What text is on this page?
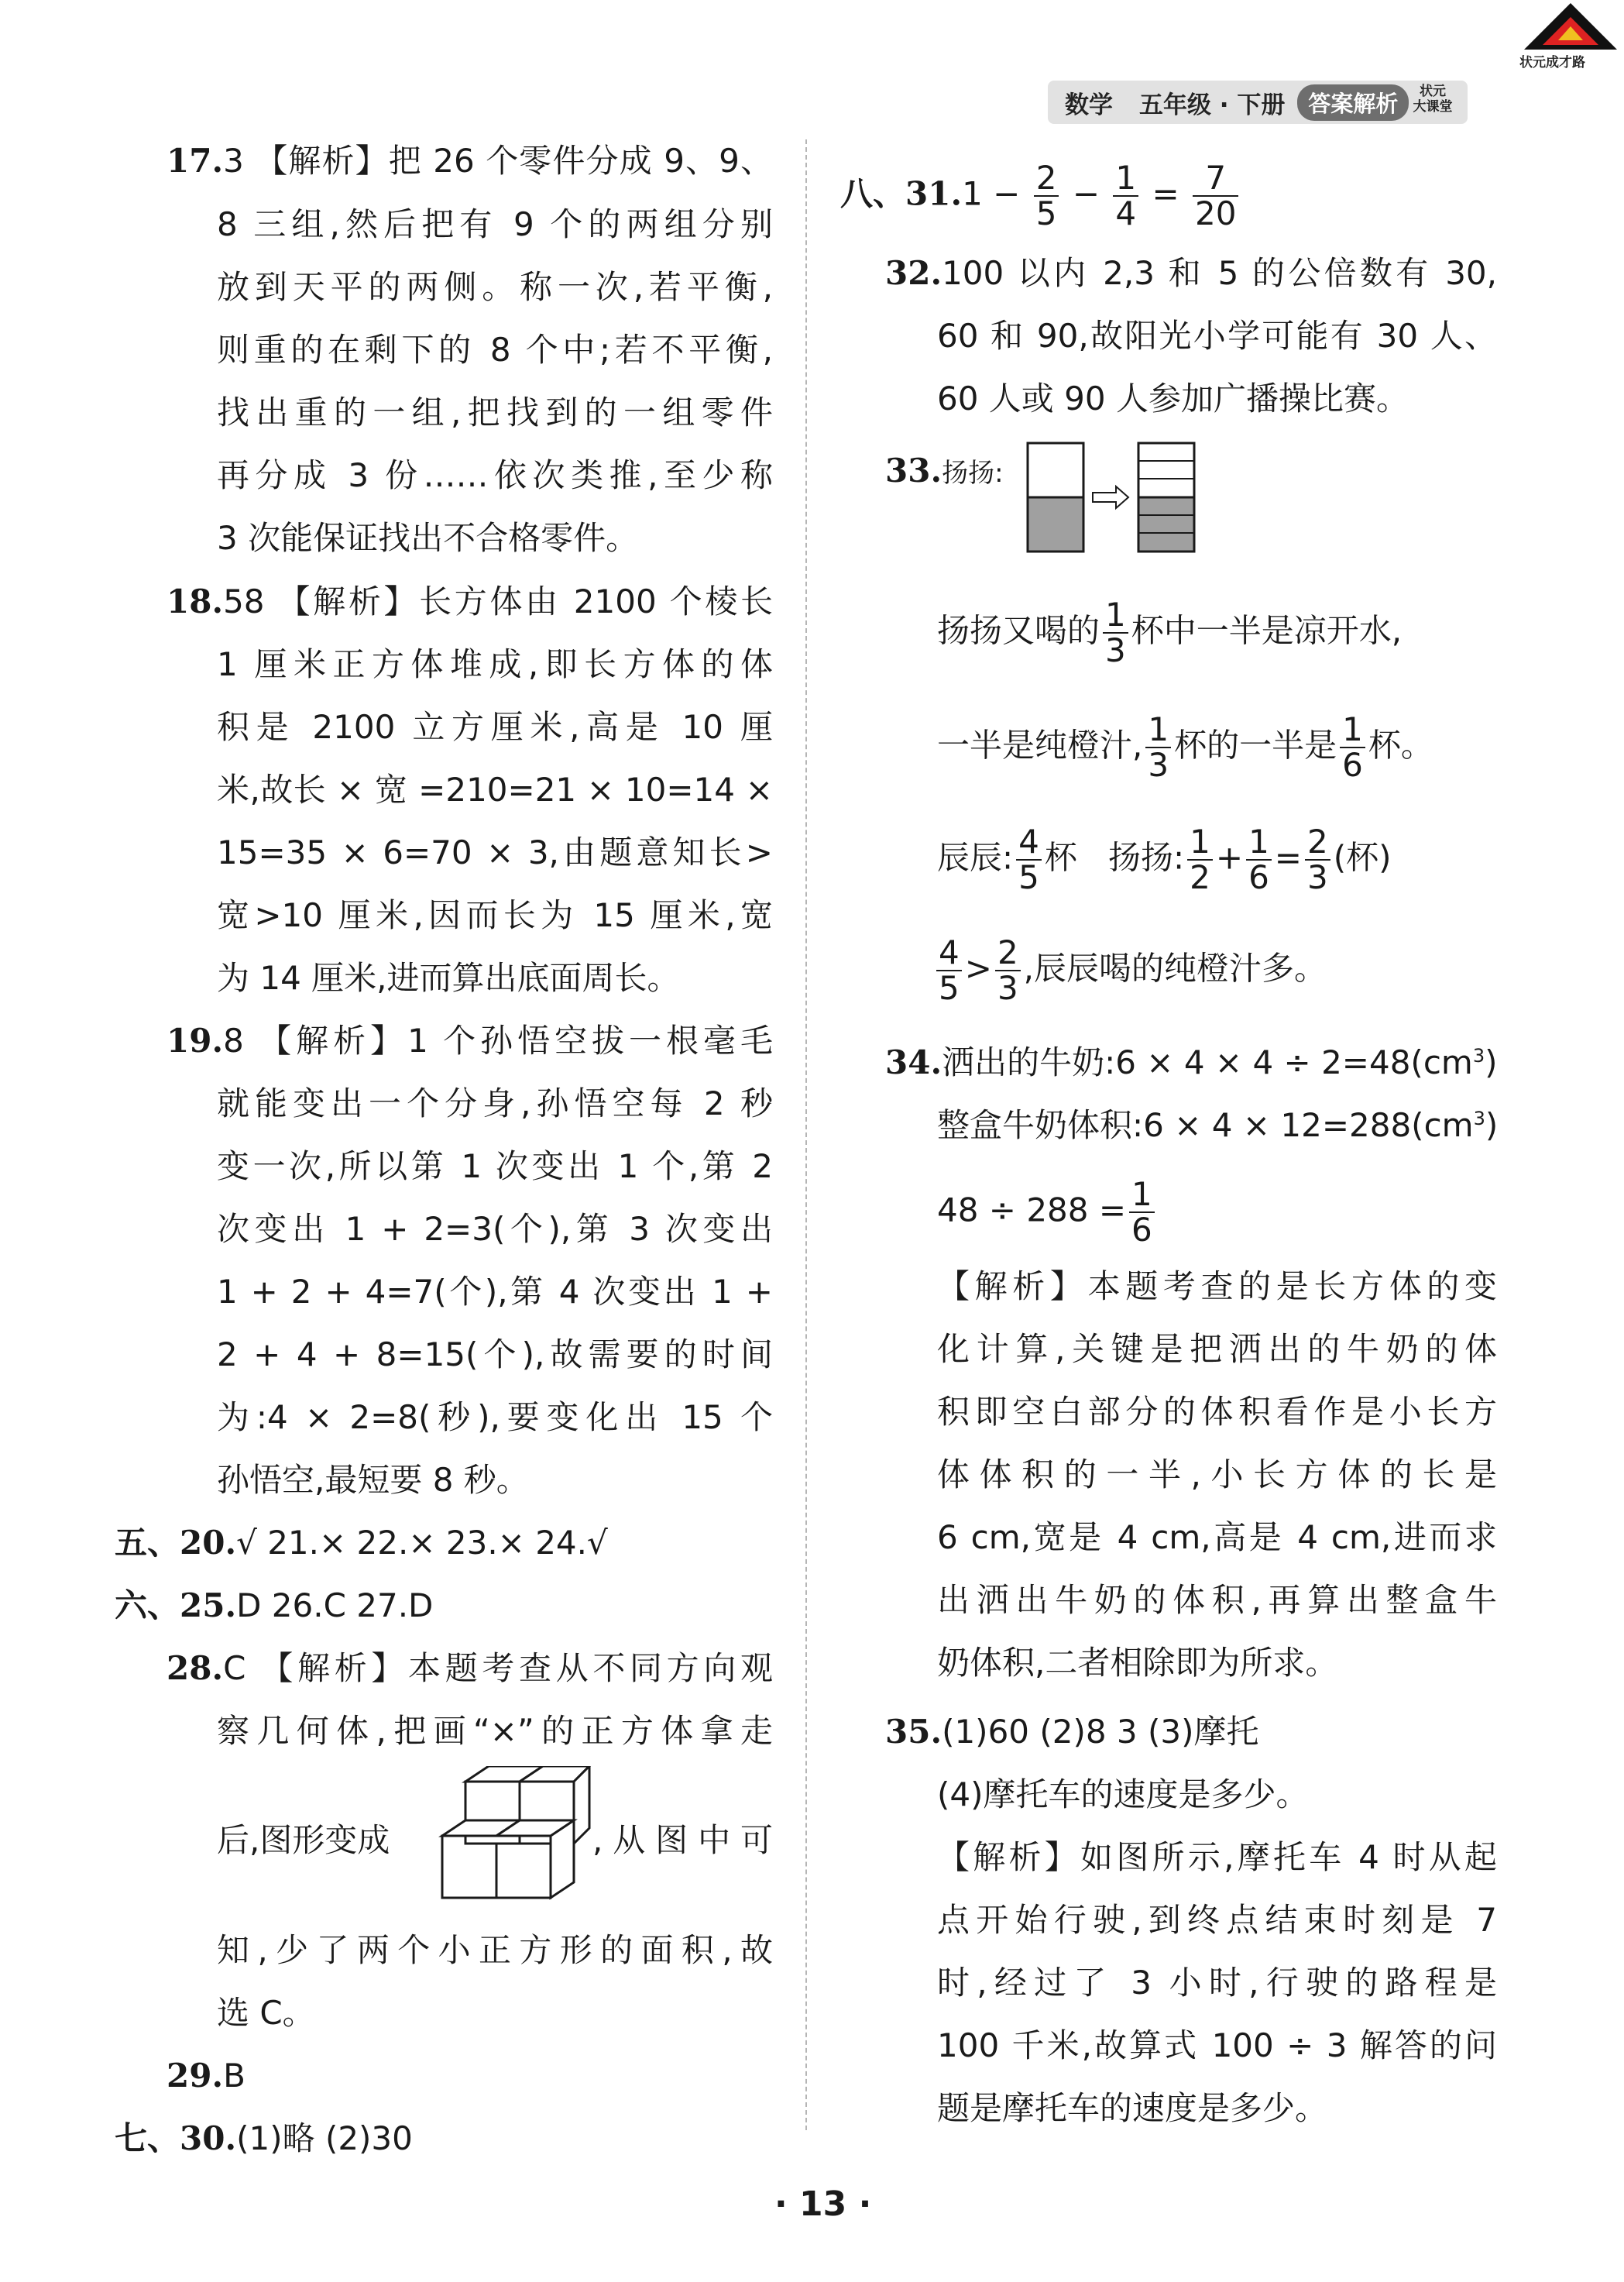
数学 五年级 · 下册	答案解析	状元
大课堂
状元成才路
17.3 【解析】把 26 个零件分成 9、9、
8 三组,然后把有 9 个的两组分别
放到天平的两侧。称一次,若平衡,
则重的在剩下的 8 个中;若不平衡,
找出重的一组,把找到的一组零件
再分成 3 份……依次类推,至少称
3 次能保证找出不合格零件。
18.58 【解析】长方体由 2100 个棱长
1 厘米正方体堆成,即长方体的体
积是 2100 立方厘米,高是 10 厘
米,故长 × 宽 =210=21 × 10=14 ×
15=35 × 6=70 × 3,由题意知长>
宽>10 厘米,因而长为 15 厘米,宽
为 14 厘米,进而算出底面周长。
19.8 【解析】1 个孙悟空拔一根毫毛
就能变出一个分身,孙悟空每 2 秒
变一次,所以第 1 次变出 1 个,第 2
次变出 1 + 2=3(个),第 3 次变出
1 + 2 + 4=7(个),第 4 次变出 1 +
2 + 4 + 8=15(个),故需要的时间
为:4 × 2=8(秒),要变化出 15 个
孙悟空,最短要 8 秒。
五、20.√ 21.× 22.× 23.× 24.√
六、25.D 26.C 27.D
28.C 【解析】本题考查从不同方向观
察几何体,把画“×”的正方体拿走
后,图形变成	,从图中可
知,少了两个小正方形的面积,故
选 C。
29.B
七、30.(1)略 (2)30
八、$31.1 - \frac{2}{5} - \frac{1}{4} = \frac{7}{20}$
32.100 以内 2,3 和 5 的公倍数有 30,
60 和 90,故阳光小学可能有 30 人、
60 人或 90 人参加广播操比赛。
33.扬扬:
扬扬又喝的 $\frac{1}{3}$ 杯中一半是凉开水,
一半是纯橙汁, $\frac{1}{3}$ 杯的一半是 $\frac{1}{6}$ 杯。
辰辰: $\frac{4}{5}$ 杯 扬扬: $\frac{1}{2} + \frac{1}{6} = \frac{2}{3}$ (杯)
$\frac{4}{5} > \frac{2}{3}$ ,辰辰喝的纯橙汁多。
34.洒出的牛奶:6 × $4 \times 4 \div 2=48(cm^3)$
整盒牛奶体积:6 × $4 \times 12=288(cm^3)$
$48 \div 288 = \frac{1}{6}$
【解析】本题考查的是长方体的变
化计算,关键是把洒出的牛奶的体
积即空白部分的体积看作是小长方
体体积的一半,小长方体的长是
6 cm,宽是 4 cm,高是 4 cm,进而求
出洒出牛奶的体积,再算出整盒牛
奶体积,二者相除即为所求。
35.(1)60 (2)8 3 (3)摩托
(4)摩托车的速度是多少。
【解析】如图所示,摩托车 4 时从起
点开始行驶,到终点结束时刻是 7
时,经过了 3 小时,行驶的路程是
100 千米,故算式 100 ÷ 3 解答的问
题是摩托车的速度是多少。
· 13 ·
